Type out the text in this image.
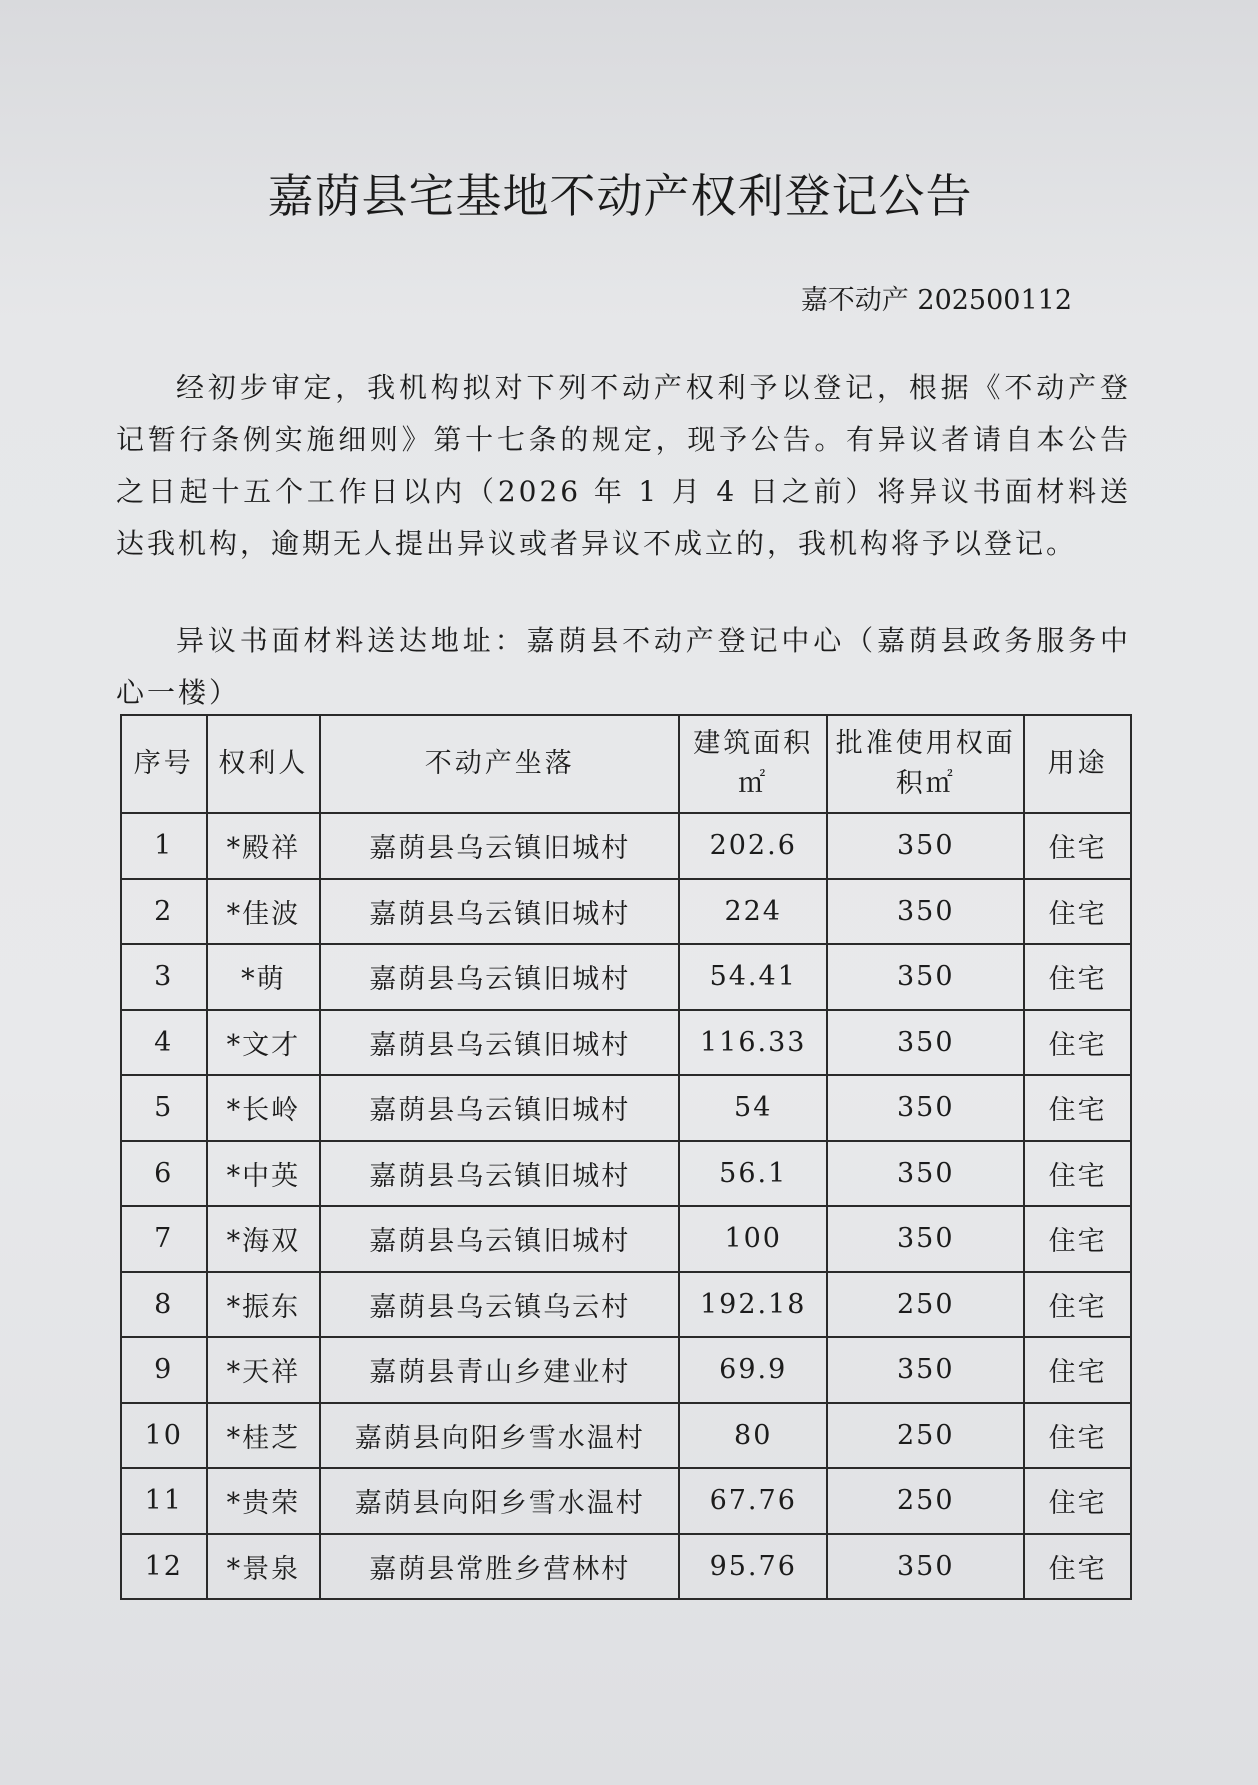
嘉荫县宅基地不动产权利登记公告
嘉不动产 202500112

经初步审定，我机构拟对下列不动产权利予以登记，根据《不动产登记暂行条例实施细则》第十七条的规定，现予公告。有异议者请自本公告之日起十五个工作日以内（2026 年 1 月 4 日之前）将异议书面材料送达我机构，逾期无人提出异议或者异议不成立的，我机构将予以登记。

异议书面材料送达地址：嘉荫县不动产登记中心（嘉荫县政务服务中心一楼）

序号	权利人	不动产坐落	建筑面积㎡	批准使用权面积㎡	用途
1	*殿祥	嘉荫县乌云镇旧城村	202.6	350	住宅
2	*佳波	嘉荫县乌云镇旧城村	224	350	住宅
3	*萌	嘉荫县乌云镇旧城村	54.41	350	住宅
4	*文才	嘉荫县乌云镇旧城村	116.33	350	住宅
5	*长岭	嘉荫县乌云镇旧城村	54	350	住宅
6	*中英	嘉荫县乌云镇旧城村	56.1	350	住宅
7	*海双	嘉荫县乌云镇旧城村	100	350	住宅
8	*振东	嘉荫县乌云镇乌云村	192.18	250	住宅
9	*天祥	嘉荫县青山乡建业村	69.9	350	住宅
10	*桂芝	嘉荫县向阳乡雪水温村	80	250	住宅
11	*贵荣	嘉荫县向阳乡雪水温村	67.76	250	住宅
12	*景泉	嘉荫县常胜乡营林村	95.76	350	住宅
